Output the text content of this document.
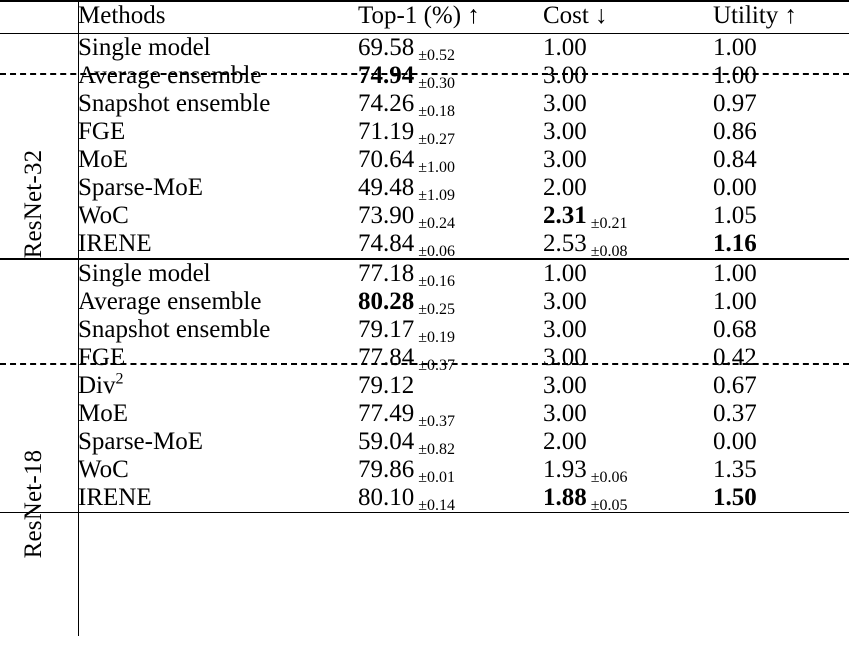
	Methods	Top-1 (%) ↑	Cost ↓	Utility ↑
	Single model	69.58 $_{\pm 0.52}$	1.00	1.00
	Average ensemble	74.94 $_{\pm 0.30}$	3.00	1.00
	Snapshot ensemble	74.26 $_{\pm 0.18}$	3.00	0.97
	FGE	71.19 $_{\pm 0.27}$	3.00	0.86
	MoE	70.64 $_{\pm 1.00}$	3.00	0.84
	Sparse-MoE	49.48 $_{\pm 1.09}$	2.00	0.00
	WoC	73.90 $_{\pm 0.24}$	2.31 $_{\pm 0.21}$	1.05
	IRENE	74.84 $_{\pm 0.06}$	2.53 $_{\pm 0.08}$	1.16
	Single model	77.18 $_{\pm 0.16}$	1.00	1.00
	Average ensemble	80.28 $_{\pm 0.25}$	3.00	1.00
	Snapshot ensemble	79.17 $_{\pm 0.19}$	3.00	0.68
	FGE	77.84 $_{\pm 0.37}$	3.00	0.42
	Div$^2$	79.12	3.00	0.67
	MoE	77.49 $_{\pm 0.37}$	3.00	0.37
	Sparse-MoE	59.04 $_{\pm 0.82}$	2.00	0.00
	WoC	79.86 $_{\pm 0.01}$	1.93 $_{\pm 0.06}$	1.35
	IRENE	80.10 $_{\pm 0.14}$	1.88 $_{\pm 0.05}$	1.50

ResNet-32
ResNet-18
